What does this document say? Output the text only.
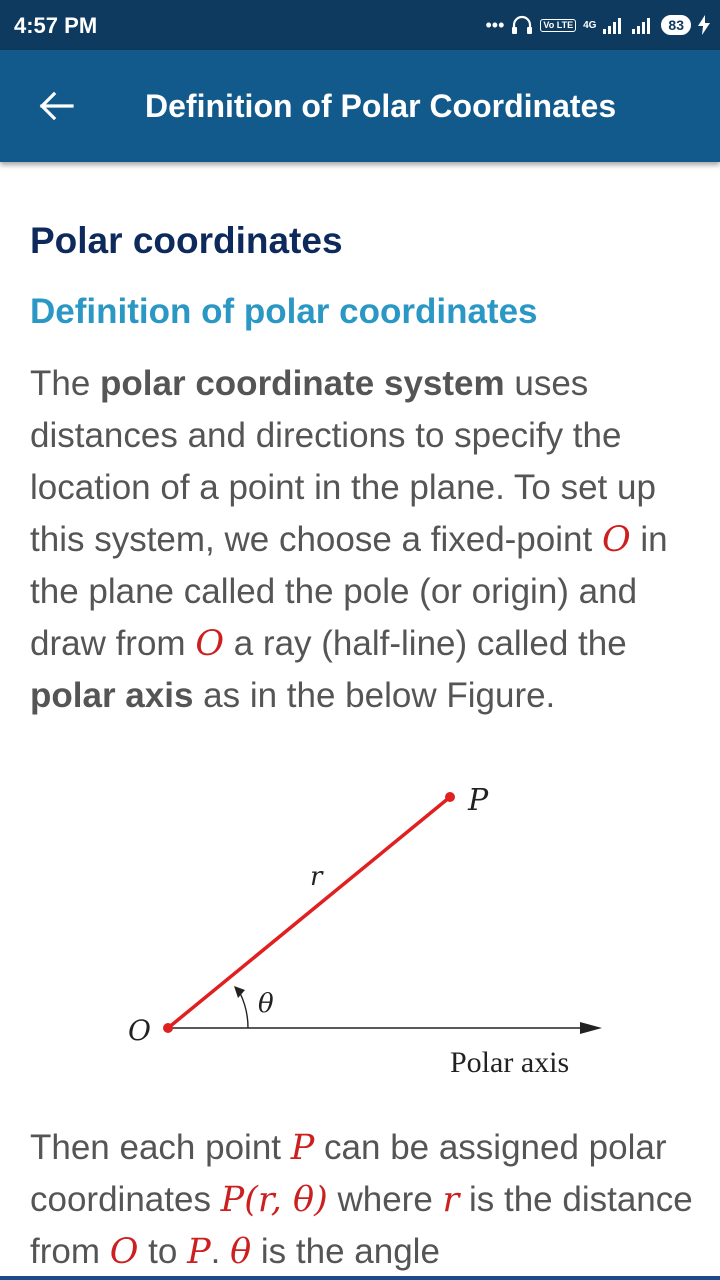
4:57 PM	•••	Vo LTE	4G	83
Definition of Polar Coordinates
Polar coordinates
Definition of polar coordinates
The polar coordinate system uses distances and directions to specify the location of a point in the plane. To set up this system, we choose a fixed-point O in the plane called the pole (or origin) and draw from O a ray (half-line) called the polar axis as in the below Figure.
P
r
θ
O
Polar axis
Then each point P can be assigned polar coordinates P(r, θ) where r is the distance from O to P. θ is the angle
